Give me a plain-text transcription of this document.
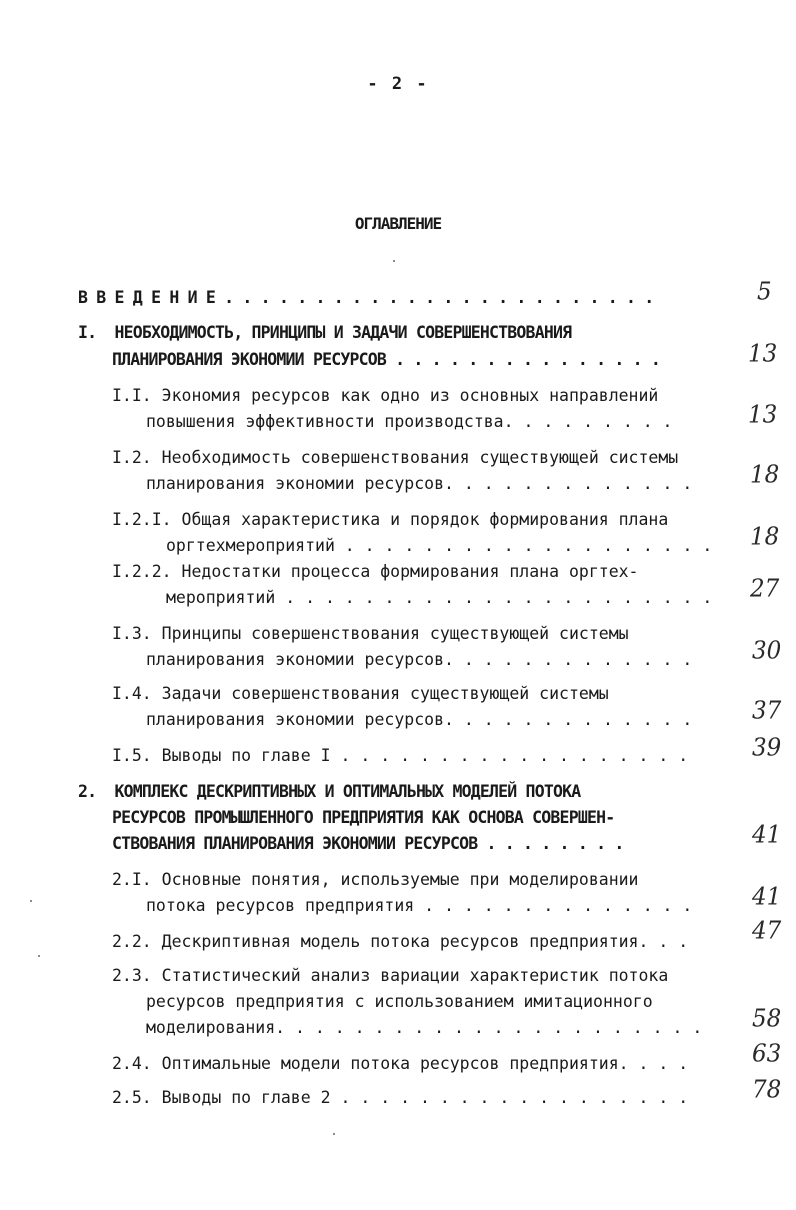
- 2 -
ОГЛАВЛЕНИЕ
В В Е Д Е Н И Е . . . . . . . . . . . . . . . . . . . . . . . .	5
I.  НЕОБХОДИМОСТЬ, ПРИНЦИПЫ И ЗАДАЧИ СОВЕРШЕНСТВОВАНИЯ
ПЛАНИРОВАНИЯ ЭКОНОМИИ РЕСУРСОВ . . . . . . . . . . . . . . .	13
I.I. Экономия ресурсов как одно из основных направлений
повышения эффективности производства. . . . . . . . .	13
I.2. Необходимость совершенствования существующей системы
планирования экономии ресурсов. . . . . . . . . . . . .	18
I.2.I. Общая характеристика и порядок формирования плана
оргтехмероприятий . . . . . . . . . . . . . . . . . . . 18
I.2.2. Недостатки процесса формирования плана оргтех-
мероприятий . . . . . . . . . . . . . . . . . . . . . . 27
I.3. Принципы совершенствования существующей системы
планирования экономии ресурсов. . . . . . . . . . . . .	30
I.4. Задачи совершенствования существующей системы
планирования экономии ресурсов. . . . . . . . . . . . .	37
I.5. Выводы по главе I . . . . . . . . . . . . . . . . . .	39
2.  КОМПЛЕКС ДЕСКРИПТИВНЫХ И ОПТИМАЛЬНЫХ МОДЕЛЕЙ ПОТОКА
РЕСУРСОВ ПРОМЫШЛЕННОГО ПРЕДПРИЯТИЯ КАК ОСНОВА СОВЕРШЕН-
СТВОВАНИЯ ПЛАНИРОВАНИЯ ЭКОНОМИИ РЕСУРСОВ . . . . . . . .	41
2.I. Основные понятия, используемые при моделировании
потока ресурсов предприятия . . . . . . . . . . . . . .	41
2.2. Дескриптивная модель потока ресурсов предприятия. . .	47
2.3. Статистический анализ вариации характеристик потока
ресурсов предприятия с использованием имитационного
моделирования. . . . . . . . . . . . . . . . . . . . . . 58
2.4. Оптимальные модели потока ресурсов предприятия. . . .	63
2.5. Выводы по главе 2 . . . . . . . . . . . . . . . . . .	78
